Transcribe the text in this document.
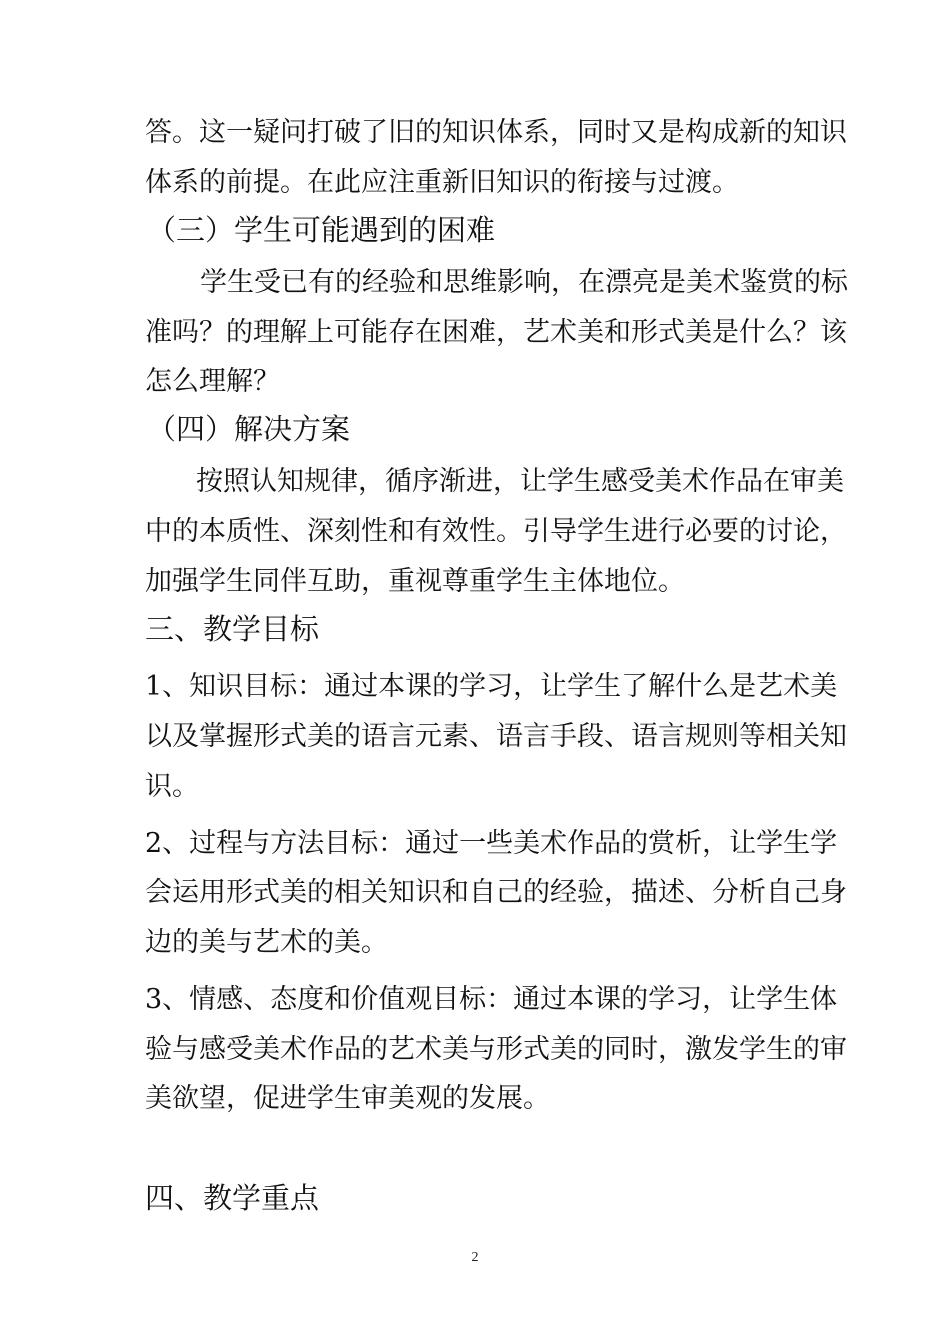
答。这一疑问打破了旧的知识体系，同时又是构成新的知识
体系的前提。在此应注重新旧知识的衔接与过渡。
（三）学生可能遇到的困难
学生受已有的经验和思维影响，在漂亮是美术鉴赏的标
准吗？的理解上可能存在困难，艺术美和形式美是什么？该
怎么理解？
（四）解决方案
按照认知规律，循序渐进，让学生感受美术作品在审美
中的本质性、深刻性和有效性。引导学生进行必要的讨论，
加强学生同伴互助，重视尊重学生主体地位。
三、教学目标
1、知识目标：通过本课的学习，让学生了解什么是艺术美
以及掌握形式美的语言元素、语言手段、语言规则等相关知
识。
2、过程与方法目标：通过一些美术作品的赏析，让学生学
会运用形式美的相关知识和自己的经验，描述、分析自己身
边的美与艺术的美。
3、情感、态度和价值观目标：通过本课的学习，让学生体
验与感受美术作品的艺术美与形式美的同时，激发学生的审
美欲望，促进学生审美观的发展。
四、教学重点
2
